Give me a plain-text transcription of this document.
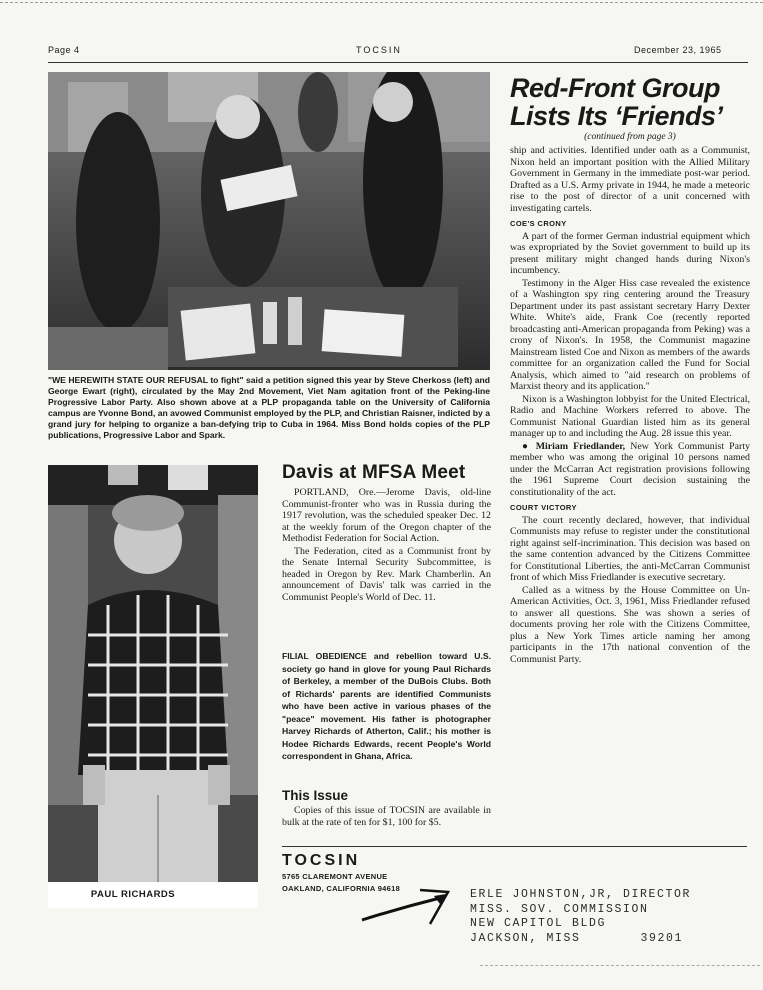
Page 4	TOCSIN	December 23, 1965

"WE HEREWITH STATE OUR REFUSAL to fight" said a petition signed this year by Steve Cherkoss (left) and George Ewart (right), circulated by the May 2nd Movement, Viet Nam agitation front of the Peking-line Progressive Labor Party. Also shown above at a PLP propaganda table on the University of California campus are Yvonne Bond, an avowed Communist employed by the PLP, and Christian Raisner, indicted by a grand jury for helping to organize a ban-defying trip to Cuba in 1964. Miss Bond holds copies of the PLP publications, Progressive Labor and Spark.

Red-Front Group
Lists Its ‘Friends’
(continued from page 3)

ship and activities. Identified under oath as a Communist, Nixon held an important position with the Allied Military Government in Germany in the immediate post-war period. Drafted as a U.S. Army private in 1944, he made a meteoric rise to the post of director of a unit concerned with investigating cartels.

COE'S CRONY

A part of the former German industrial equipment which was expropriated by the Soviet government to build up its present military might changed hands during Nixon's incumbency.

Testimony in the Alger Hiss case revealed the existence of a Washington spy ring centering around the Treasury Department under its past assistant secretary Harry Dexter White. White's aide, Frank Coe (recently reported broadcasting anti-American propaganda from Peking) was a crony of Nixon's. In 1958, the Communist magazine Mainstream listed Coe and Nixon as members of the awards committee for an organization called the Fund for Social Analysis, which aimed to "aid research on problems of Marxist theory and its application."

Nixon is a Washington lobbyist for the United Electrical, Radio and Machine Workers referred to above. The Communist National Guardian listed him as its general manager up to and including the Aug. 28 issue this year.

● Miriam Friedlander, New York Communist Party member who was among the original 10 persons named under the McCarran Act registration provisions following the 1961 Supreme Court decision sustaining the constitutionality of the act.

COURT VICTORY

The court recently declared, however, that individual Communists may refuse to register under the constitutional right against self-incrimination. This decision was based on the same contention advanced by the Citizens Committee for Constitutional Liberties, the anti-McCarran Communist front of which Miss Friedlander is executive secretary.

Called as a witness by the House Committee on Un-American Activities, Oct. 3, 1961, Miss Friedlander refused to answer all questions. She was shown a series of documents proving her role with the Citizens Committee, plus a New York Times article naming her among participants in the 17th national convention of the Communist Party.

PAUL RICHARDS
Davis at MFSA Meet

PORTLAND, Ore.—Jerome Davis, old-line Communist-fronter who was in Russia during the 1917 revolution, was the scheduled speaker Dec. 12 at the weekly forum of the Oregon chapter of the Methodist Federation for Social Action.

The Federation, cited as a Communist front by the Senate Internal Security Subcommittee, is headed in Oregon by Rev. Mark Chamberlin. An announcement of Davis' talk was carried in the Communist People's World of Dec. 11.

FILIAL OBEDIENCE and rebellion toward U.S. society go hand in glove for young Paul Richards of Berkeley, a member of the DuBois Clubs. Both of Richards' parents are identified Communists who have been active in various phases of the "peace" movement. His father is photographer Harvey Richards of Atherton, Calif.; his mother is Hodee Richards Edwards, recent People's World correspondent in Ghana, Africa.

This Issue

Copies of this issue of TOCSIN are available in bulk at the rate of ten for $1, 100 for $5.

TOCSIN
5765 CLAREMONT AVENUE
OAKLAND, CALIFORNIA 94618	ERLE JOHNSTON,JR, DIRECTOR
MISS. SOV. COMMISSION
NEW CAPITOL BLDG
JACKSON, MISS	39201
